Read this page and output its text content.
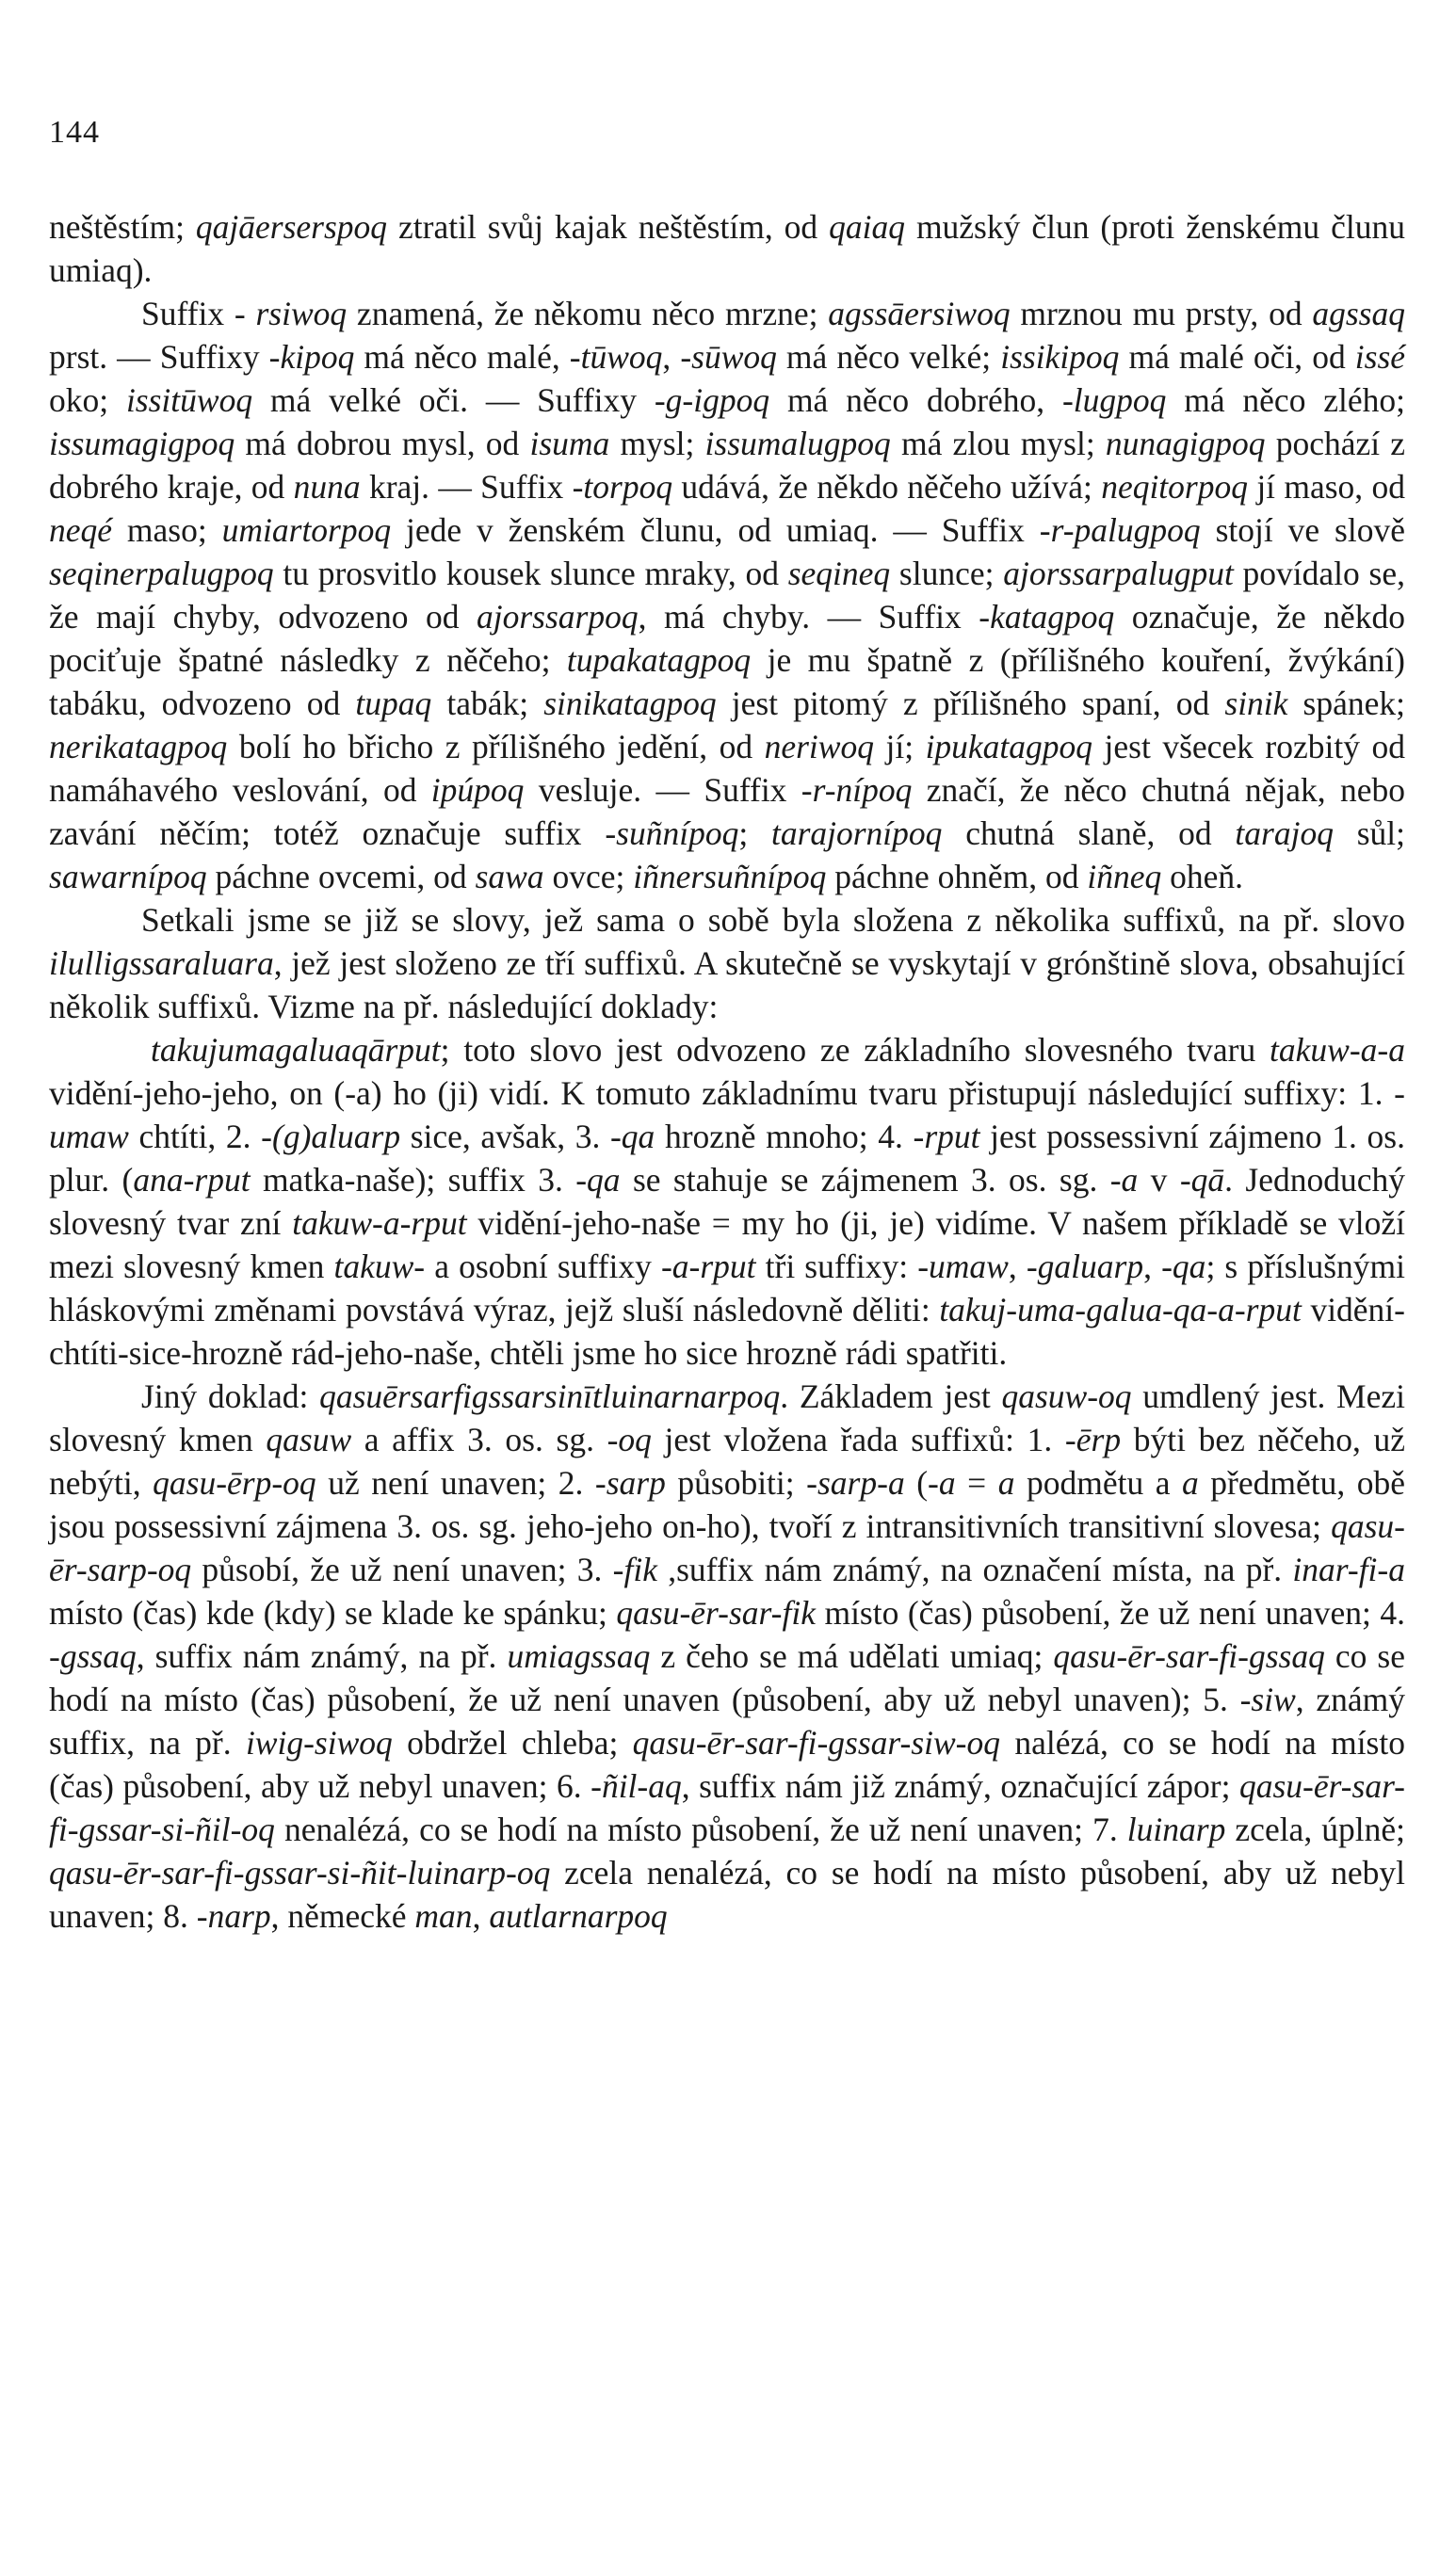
144

neštěstím; qajāerserspoq ztratil svůj kajak neštěstím, od qaiaq mužský člun (proti ženskému člunu umiaq).

Suffix - rsiwoq znamená, že někomu něco mrzne; agssāersiwoq mrznou mu prsty, od agssaq prst. — Suffixy -kipoq má něco malé, -tūwoq, -sūwoq má něco velké; issikipoq má malé oči, od issé oko; issitūwoq má velké oči. — Suffixy -g-igpoq má něco dobrého, -lugpoq má něco zlého; issumagigpoq má dobrou mysl, od isuma mysl; issumalugpoq má zlou mysl; nunagigpoq pochází z dobrého kraje, od nuna kraj. — Suffix -torpoq udává, že někdo něčeho užívá; neqitorpoq jí maso, od neqé maso; umiartorpoq jede v ženském člunu, od umiaq. — Suffix -r-palugpoq stojí ve slově seqinerpalugpoq tu prosvitlo kousek slunce mraky, od seqineq slunce; ajorssarpalugput povídalo se, že mají chyby, odvozeno od ajorssarpoq, má chyby. — Suffix -katagpoq označuje, že někdo pociťuje špatné následky z něčeho; tupakatagpoq je mu špatně z (přílišného kouření, žvýkání) tabáku, odvozeno od tupaq tabák; sinikatagpoq jest pitomý z přílišného spaní, od sinik spánek; nerikatagpoq bolí ho břicho z přílišného jedění, od neriwoq jí; ipukatagpoq jest všecek rozbitý od namáhavého veslování, od ipúpoq vesluje. — Suffix -r-nípoq značí, že něco chutná nějak, nebo zavání něčím; totéž označuje suffix -suñnípoq; tarajornípoq chutná slaně, od tarajoq sůl; sawarnípoq páchne ovcemi, od sawa ovce; iñnersuñnípoq páchne ohněm, od iñneq oheň.

Setkali jsme se již se slovy, jež sama o sobě byla složena z několika suffixů, na př. slovo ilulligssaraluara, jež jest složeno ze tří suffixů. A skutečně se vyskytají v grónštině slova, obsahující několik suffixů. Vizme na př. následující doklady:

takujumagaluaqārput; toto slovo jest odvozeno ze základního slovesného tvaru takuw-a-a vidění-jeho-jeho, on (-a) ho (ji) vidí. K tomuto základnímu tvaru přistupují následující suffixy: 1. -umaw chtíti, 2. -(g)aluarp sice, avšak, 3. -qa hrozně mnoho; 4. -rput jest possessivní zájmeno 1. os. plur. (ana-rput matka-naše); suffix 3. -qa se stahuje se zájmenem 3. os. sg. -a v -qā. Jednoduchý slovesný tvar zní takuw-a-rput vidění-jeho-naše = my ho (ji, je) vidíme. V našem příkladě se vloží mezi slovesný kmen takuw- a osobní suffixy -a-rput tři suffixy: -umaw, -galuarp, -qa; s příslušnými hláskovými změnami povstává výraz, jejž sluší následovně děliti: takuj-uma-galua-qa-a-rput vidění-chtíti-sice-hrozně rád-jeho-naše, chtěli jsme ho sice hrozně rádi spatřiti.

Jiný doklad: qasuērsarfigssarsinītluinarnarpoq. Základem jest qasuw-oq umdlený jest. Mezi slovesný kmen qasuw a affix 3. os. sg. -oq jest vložena řada suffixů: 1. -ērp býti bez něčeho, už nebýti, qasu-ērp-oq už není unaven; 2. -sarp působiti; -sarp-a (-a = a podmětu a a předmětu, obě jsou possessivní zájmena 3. os. sg. jeho-jeho on-ho), tvoří z intransitivních transitivní slovesa; qasu-ēr-sarp-oq působí, že už není unaven; 3. -fik ,suffix nám známý, na označení místa, na př. inar-fi-a místo (čas) kde (kdy) se klade ke spánku; qasu-ēr-sar-fik místo (čas) působení, že už není unaven; 4. -gssaq, suffix nám známý, na př. umiagssaq z čeho se má udělati umiaq; qasu-ēr-sar-fi-gssaq co se hodí na místo (čas) působení, že už není unaven (působení, aby už nebyl unaven); 5. -siw, známý suffix, na př. iwig-siwoq obdržel chleba; qasu-ēr-sar-fi-gssar-siw-oq nalézá, co se hodí na místo (čas) působení, aby už nebyl unaven; 6. -ñil-aq, suffix nám již známý, označující zápor; qasu-ēr-sar-fi-gssar-si-ñil-oq nenalézá, co se hodí na místo působení, že už není unaven; 7. luinarp zcela, úplně; qasu-ēr-sar-fi-gssar-si-ñit-luinarp-oq zcela nenalézá, co se hodí na místo působení, aby už nebyl unaven; 8. -narp, německé man, autlarnarpoq
